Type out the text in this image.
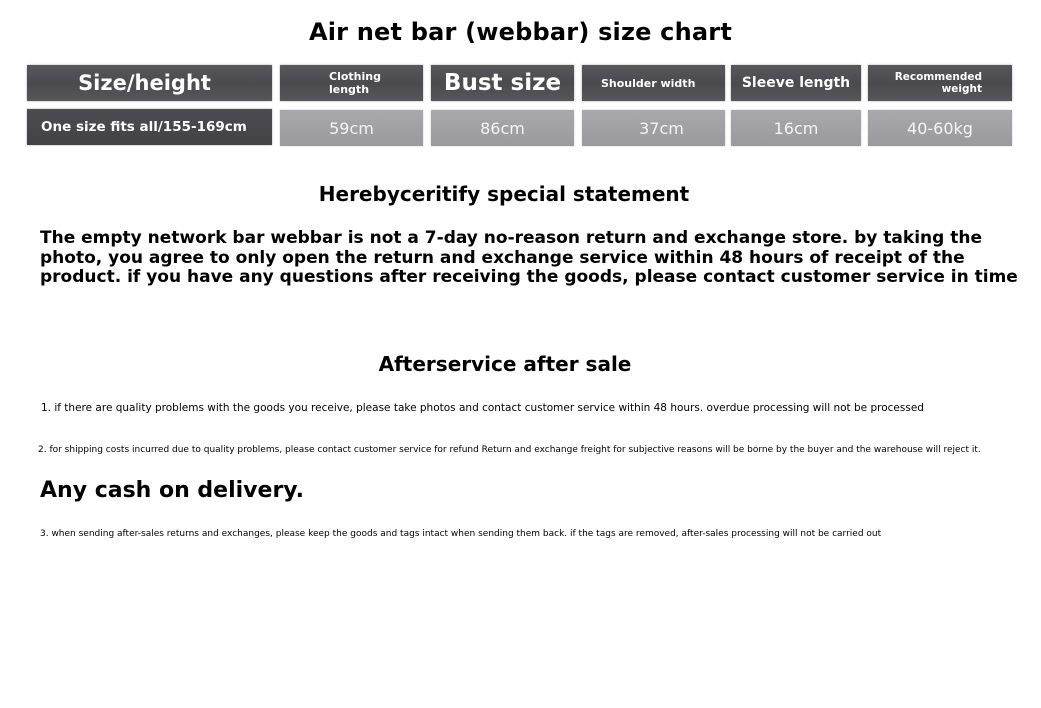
Air net bar (webbar) size chart
Size/height	Clothing length	Bust size	Shoulder width	Sleeve length	Recommended
weight
One size fits all/155-169cm	59cm	86cm	37cm	16cm	40-60kg
Herebyceritify special statement
The empty network bar webbar is not a 7-day no-reason return and exchange store. by taking the photo, you agree to only open the return and exchange service within 48 hours of receipt of the product. if you have any questions after receiving the goods, please contact customer service in time
Afterservice after sale
1. if there are quality problems with the goods you receive, please take photos and contact customer service within 48 hours. overdue processing will not be processed
2. for shipping costs incurred due to quality problems, please contact customer service for refund Return and exchange freight for subjective reasons will be borne by the buyer and the warehouse will reject it.
Any cash on delivery.
3. when sending after-sales returns and exchanges, please keep the goods and tags intact when sending them back. if the tags are removed, after-sales processing will not be carried out
